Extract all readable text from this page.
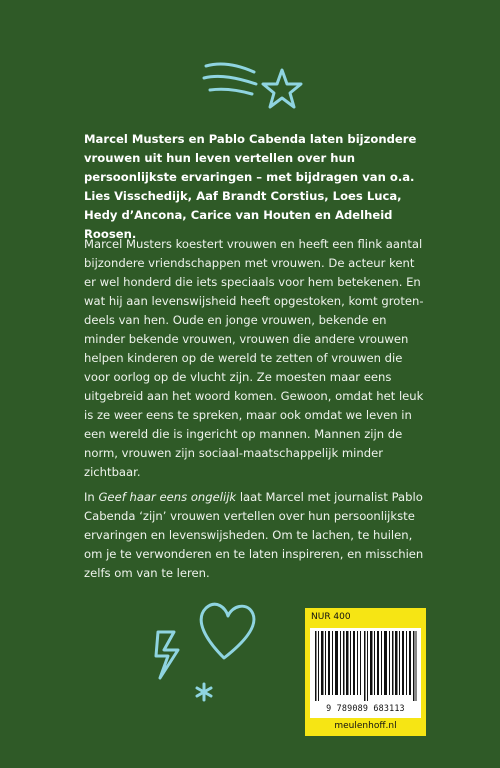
Marcel Musters en Pablo Cabenda laten bijzondere vrouwen uit hun leven vertellen over hun persoonlijkste ervaringen – met bijdragen van o.a. Lies Visschedijk, Aaf Brandt Corstius, Loes Luca, Hedy d’Ancona, Carice van Houten en Adelheid Roosen.

Marcel Musters koestert vrouwen en heeft een flink aantal bijzondere vriendschappen met vrouwen. De acteur kent er wel honderd die iets speciaals voor hem betekenen. En wat hij aan levenswijsheid heeft opgestoken, komt groten-deels van hen. Oude en jonge vrouwen, bekende en minder bekende vrouwen, vrouwen die andere vrouwen helpen kinderen op de wereld te zetten of vrouwen die voor oorlog op de vlucht zijn. Ze moesten maar eens uitgebreid aan het woord komen. Gewoon, omdat het leuk is ze weer eens te spreken, maar ook omdat we leven in een wereld die is ingericht op mannen. Mannen zijn de norm, vrouwen zijn sociaal-maatschappelijk minder zichtbaar.

In Geef haar eens ongelijk laat Marcel met journalist Pablo Cabenda ‘zijn’ vrouwen vertellen over hun persoonlijkste ervaringen en levenswijsheden. Om te lachen, te huilen, om je te verwonderen en te laten inspireren, en misschien zelfs om van te leren.

NUR 400
9 789089 683113
meulenhoff.nl
